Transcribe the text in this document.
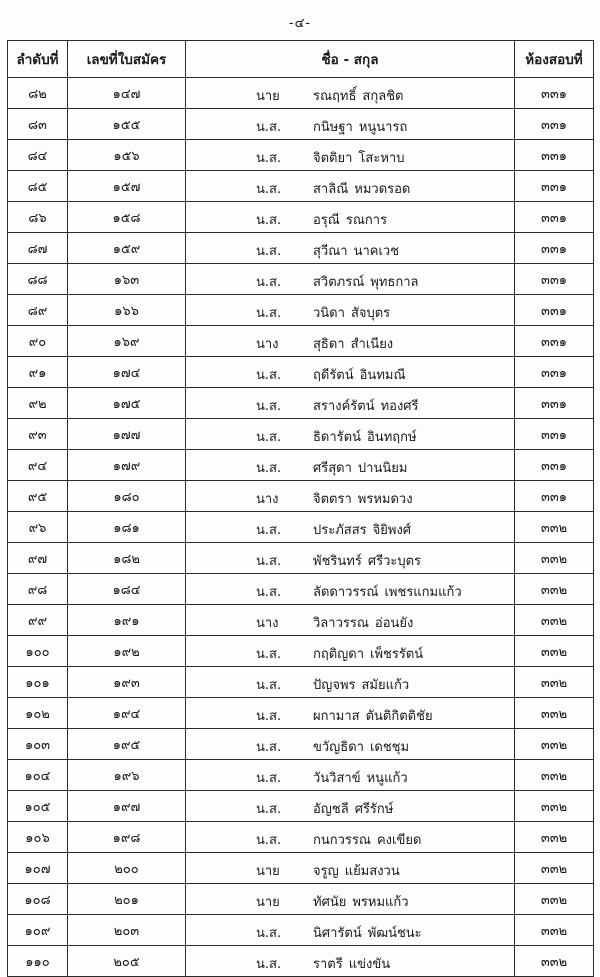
-๔-
ลำดับที่	เลขที่ใบสมัคร	ชื่อ - สกุล	ห้องสอบที่
๘๒	๑๔๗	นาย รณฤทธิ์ สกุลชิต	๓๓๑
๘๓	๑๕๕	น.ส. กนิษฐา หนูนารถ	๓๓๑
๘๔	๑๕๖	น.ส. จิตติยา โสะหาบ	๓๓๑
๘๕	๑๕๗	น.ส. สาลิณี หมวดรอด	๓๓๑
๘๖	๑๕๘	น.ส. อรุณี รณการ	๓๓๑
๘๗	๑๕๙	น.ส. สุวีณา นาคเวช	๓๓๑
๘๘	๑๖๓	น.ส. สวิตภรณ์ พุทธกาล	๓๓๑
๘๙	๑๖๖	น.ส. วนิดา สัจบุตร	๓๓๑
๙๐	๑๖๙	นาง สุธิดา สำเนียง	๓๓๑
๙๑	๑๗๔	น.ส. ฤดีรัตน์ อินทมณี	๓๓๑
๙๒	๑๗๕	น.ส. สรางค์รัตน์ ทองศรี	๓๓๑
๙๓	๑๗๗	น.ส. ธิดารัตน์ อินทฤกษ์	๓๓๑
๙๔	๑๗๙	น.ส. ศรีสุดา ปานนิยม	๓๓๑
๙๕	๑๘๐	นาง จิตตรา พรหมดวง	๓๓๑
๙๖	๑๘๑	น.ส. ประภัสสร จิยิพงศ์	๓๓๒
๙๗	๑๘๒	น.ส. พัชรินทร์ ศรีวะบุตร	๓๓๒
๙๘	๑๘๔	น.ส. ลัดดาวรรณ์ เพชรแกมแก้ว	๓๓๒
๙๙	๑๙๑	นาง วิลาวรรณ อ่อนยัง	๓๓๒
๑๐๐	๑๙๒	น.ส. กฤติญดา เพ็ชรรัตน์	๓๓๒
๑๐๑	๑๙๓	น.ส. ปัญจพร สมัยแก้ว	๓๓๒
๑๐๒	๑๙๔	น.ส. ผกามาส ตันติกิตติชัย	๓๓๒
๑๐๓	๑๙๕	น.ส. ขวัญธิดา เดชชุม	๓๓๒
๑๐๔	๑๙๖	น.ส. วันวิสาข์ หนูแก้ว	๓๓๒
๑๐๕	๑๙๗	น.ส. อัญชลี ศรีรักษ์	๓๓๒
๑๐๖	๑๙๘	น.ส. กนกวรรณ คงเขียด	๓๓๒
๑๐๗	๒๐๐	นาย จรูญ แย้มสงวน	๓๓๒
๑๐๘	๒๐๑	นาย ทัศนัย พรหมแก้ว	๓๓๒
๑๐๙	๒๐๓	น.ส. นิศารัตน์ พัฒน์ชนะ	๓๓๒
๑๑๐	๒๐๕	น.ส. ราตรี แข่งขัน	๓๓๒
